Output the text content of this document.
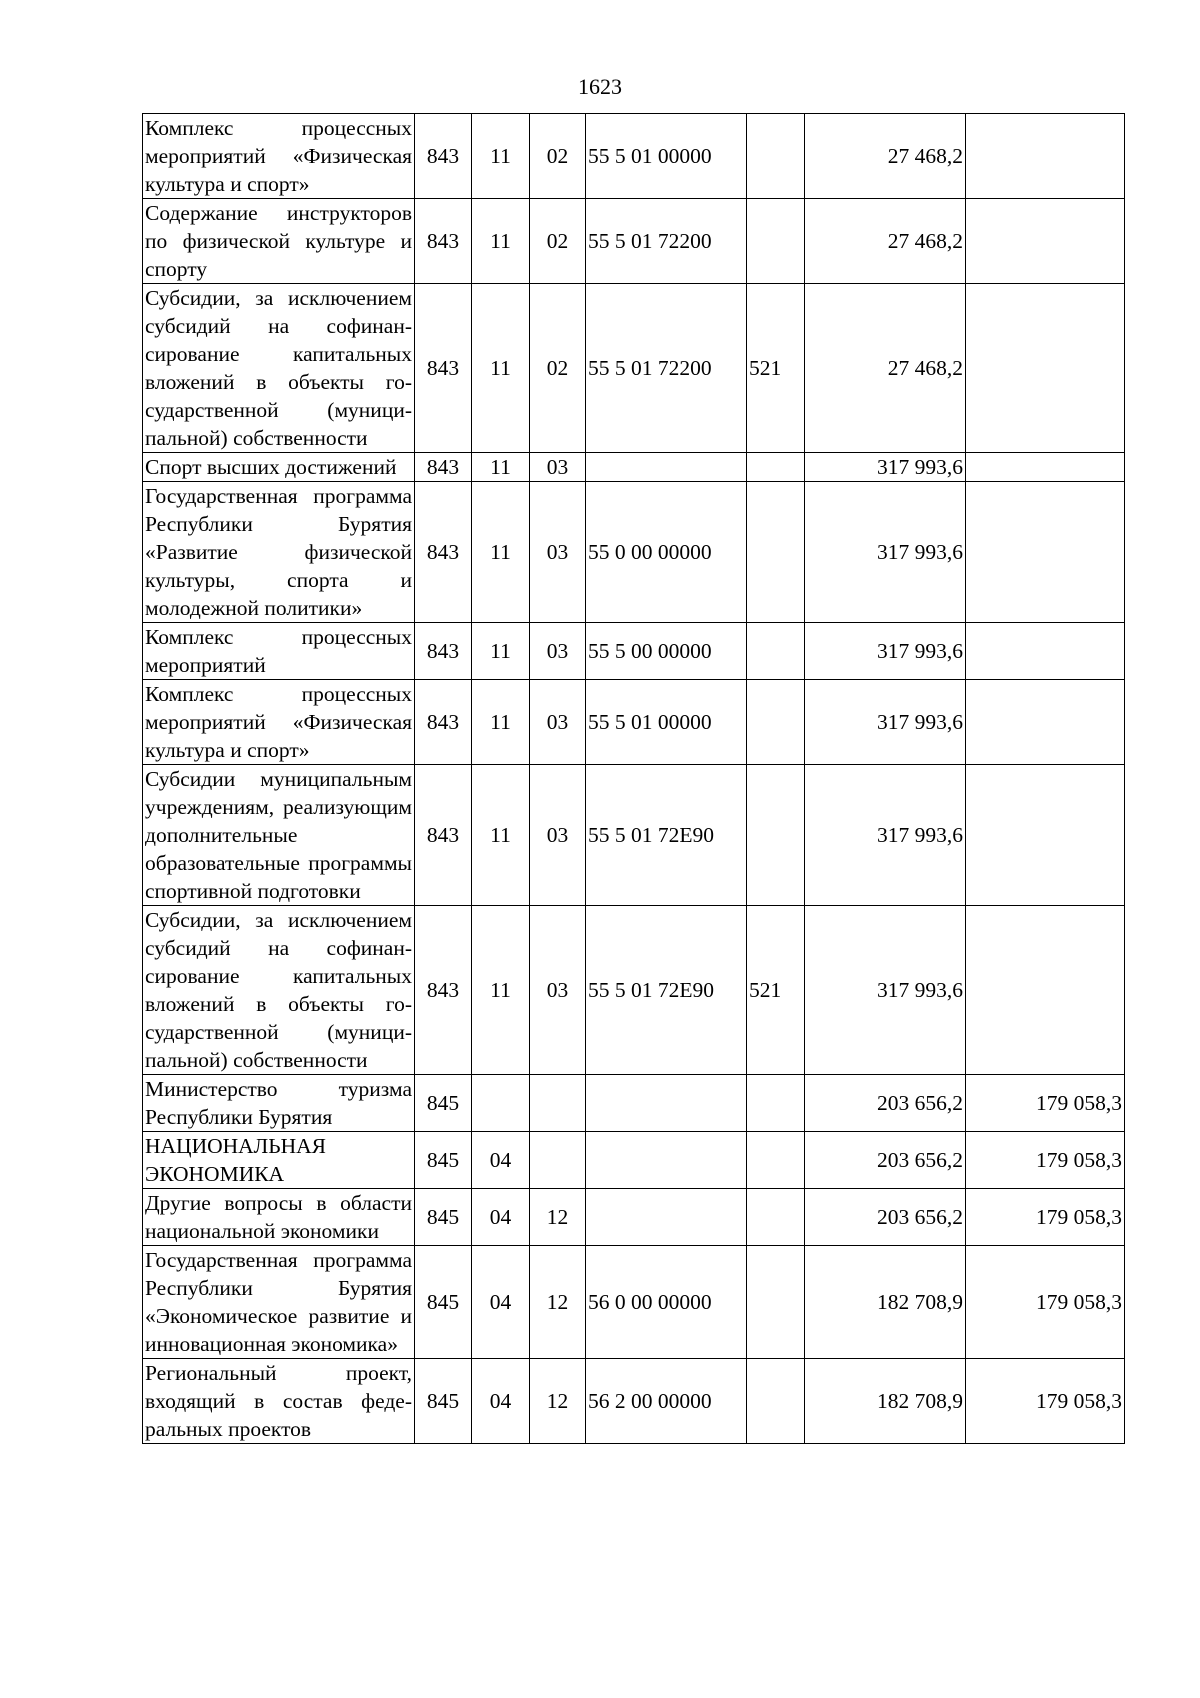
1623
Комплекс процессных мероприятий «Физическая культура и спорт»	843	11	02	55 5 01 00000		27 468,2	
Содержание инструкторов по физической культуре и спорту	843	11	02	55 5 01 72200		27 468,2	
Субсидии, за исключением субсидий на софинансирование капитальных вложений в объекты государственной (муниципальной) собственности	843	11	02	55 5 01 72200	521	27 468,2	
Спорт высших достижений	843	11	03			317 993,6	
Государственная программа Республики Бурятия «Развитие физической культуры, спорта и молодежной политики»	843	11	03	55 0 00 00000		317 993,6	
Комплекс процессных мероприятий	843	11	03	55 5 00 00000		317 993,6	
Комплекс процессных мероприятий «Физическая культура и спорт»	843	11	03	55 5 01 00000		317 993,6	
Субсидии муниципальным учреждениям, реализующим дополнительные образовательные программы спортивной подготовки	843	11	03	55 5 01 72Е90		317 993,6	
Субсидии, за исключением субсидий на софинансирование капитальных вложений в объекты государственной (муниципальной) собственности	843	11	03	55 5 01 72Е90	521	317 993,6	
Министерство туризма Республики Бурятия	845					203 656,2	179 058,3
НАЦИОНАЛЬНАЯ ЭКОНОМИКА	845	04				203 656,2	179 058,3
Другие вопросы в области национальной экономики	845	04	12			203 656,2	179 058,3
Государственная программа Республики Бурятия «Экономическое развитие и инновационная экономика»	845	04	12	56 0 00 00000		182 708,9	179 058,3
Региональный проект, входящий в состав федеральных проектов	845	04	12	56 2 00 00000		182 708,9	179 058,3
